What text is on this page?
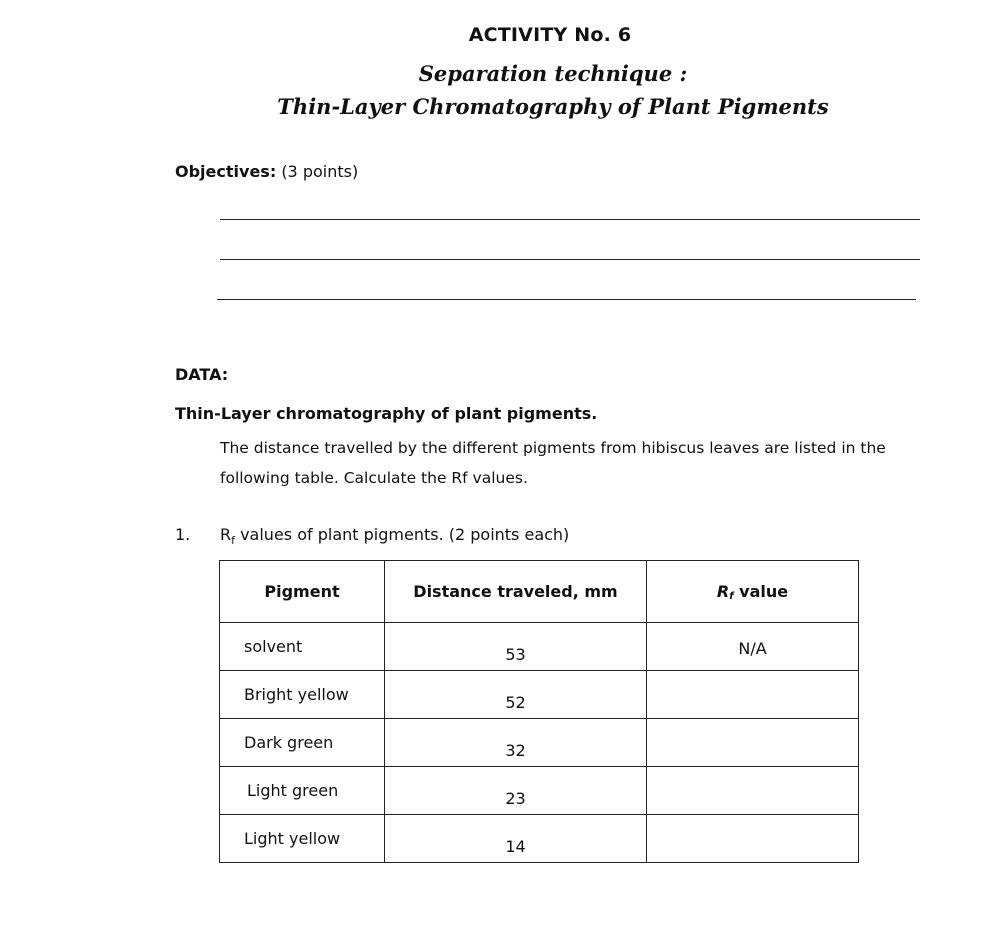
ACTIVITY No. 6
Separation technique :
Thin-Layer Chromatography of Plant Pigments
Objectives: (3 points)
DATA:
Thin-Layer chromatography of plant pigments.
The distance travelled by the different pigments from hibiscus leaves are listed in the following table. Calculate the Rf values.
1. $R_f$ values of plant pigments. (2 points each)
Pigment	Distance traveled, mm	Rf value

solvent	53	N/A

Bright yellow	52	

Dark green	32	

Light green	23	

Light yellow	14	
